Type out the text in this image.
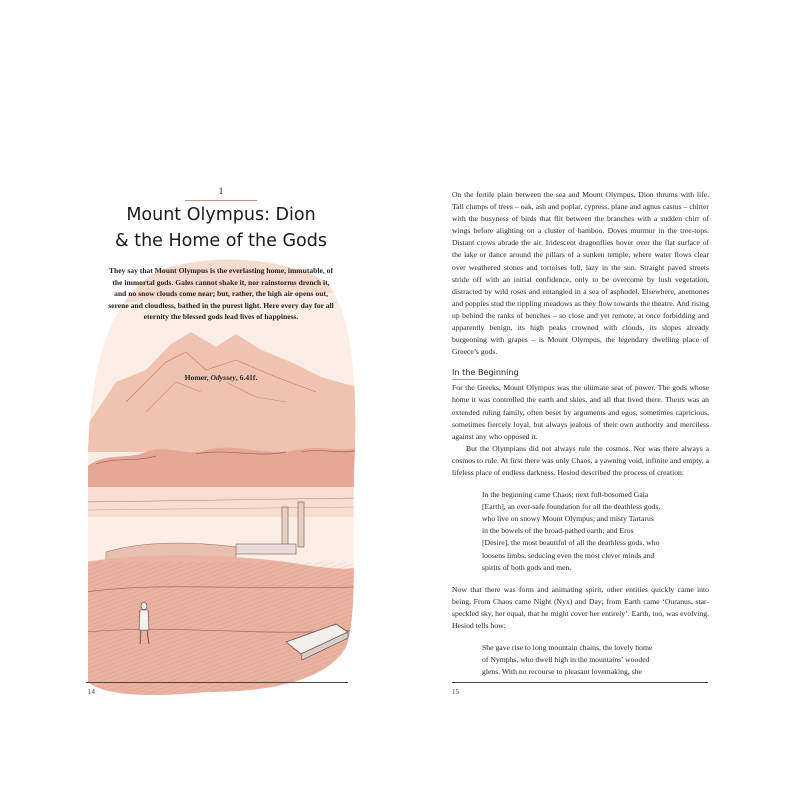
1
Mount Olympus: Dion
& the Home of the Gods
They say that Mount Olympus is the everlasting home, immutable, of the immortal gods. Gales cannot shake it, nor rainstorms drench it, and no snow clouds come near; but, rather, the high air opens out, serene and cloudless, bathed in the purest light. Here every day for all eternity the blessed gods lead lives of happiness.
Homer, Odyssey, 6.41f.
14

On the fertile plain between the sea and Mount Olympus, Dion thrums with life. Tall clumps of trees – oak, ash and poplar, cypress, plane and agnus castus – chitter with the busyness of birds that flit between the branches with a sudden chirr of wings before alighting on a cluster of bamboo. Doves murmur in the tree-tops. Distant crows abrade the air. Iridescent dragonflies hover over the flat surface of the lake or dance around the pillars of a sunken temple, where water flows clear over weathered stones and tortoises loll, lazy in the sun. Straight paved streets stride off with an initial confidence, only to be overcome by lush vegetation, distracted by wild roses and entangled in a sea of asphodel. Elsewhere, anemones and poppies stud the rippling meadows as they flow towards the theatre. And rising up behind the ranks of benches – so close and yet remote, at once forbidding and apparently benign, its high peaks crowned with clouds, its slopes already burgeoning with grapes – is Mount Olympus, the legendary dwelling place of Greece’s gods.

In the Beginning

For the Greeks, Mount Olympus was the ultimate seat of power. The gods whose home it was controlled the earth and skies, and all that lived there. Theirs was an extended ruling family, often beset by arguments and egos, sometimes capricious, sometimes fiercely loyal, but always jealous of their own authority and merciless against any who opposed it.

But the Olympians did not always rule the cosmos. Nor was there always a cosmos to rule. At first there was only Chaos, a yawning void, infinite and empty, a lifeless place of endless darkness. Hesiod described the process of creation:

In the beginning came Chaos; next full-bosomed Gaia
[Earth], an ever-safe foundation for all the deathless gods,
who live on snowy Mount Olympus; and misty Tartarus
in the bowels of the broad-pathed earth; and Eros
[Desire], the most beautiful of all the deathless gods, who
loosens limbs, seducing even the most clever minds and
spirits of both gods and men.

Now that there was form and animating spirit, other entities quickly came into being. From Chaos came Night (Nyx) and Day; from Earth came ‘Ouranus, star-speckled sky, her equal, that he might cover her entirely’. Earth, too, was evolving. Hesiod tells how:

She gave rise to long mountain chains, the lovely home
of Nymphs, who dwell high in the mountains’ wooded
glens. With no recourse to pleasant lovemaking, she
15
